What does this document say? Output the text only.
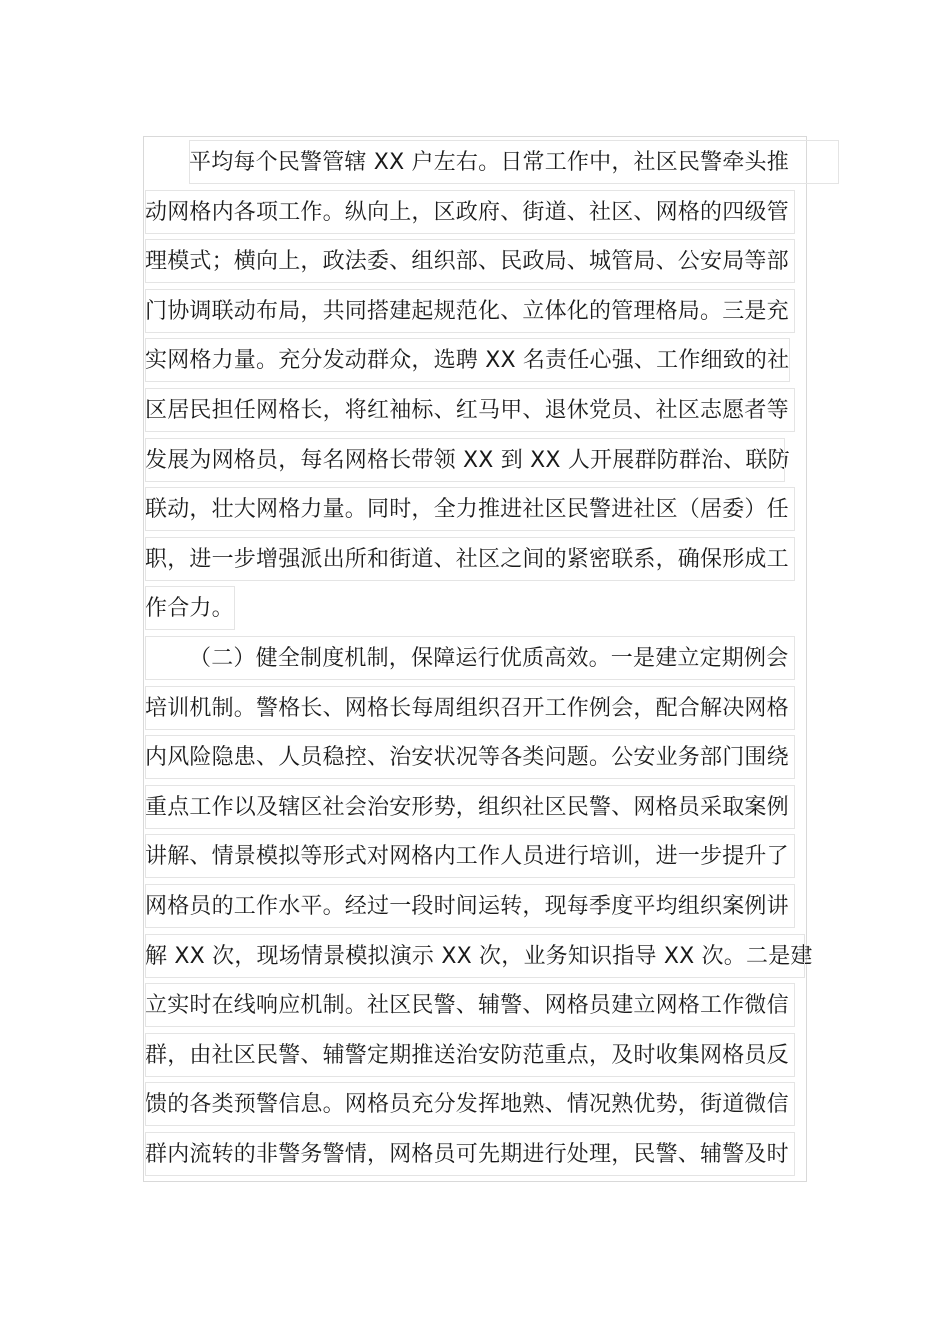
平均每个民警管辖 XX 户左右。日常工作中，社区民警牵头推
动网格内各项工作。纵向上，区政府、街道、社区、网格的四级管
理模式；横向上，政法委、组织部、民政局、城管局、公安局等部
门协调联动布局，共同搭建起规范化、立体化的管理格局。三是充
实网格力量。充分发动群众，选聘 XX 名责任心强、工作细致的社
区居民担任网格长，将红袖标、红马甲、退休党员、社区志愿者等
发展为网格员，每名网格长带领 XX 到 XX 人开展群防群治、联防
联动，壮大网格力量。同时，全力推进社区民警进社区（居委）任
职，进一步增强派出所和街道、社区之间的紧密联系，确保形成工
作合力。
（二）健全制度机制，保障运行优质高效。一是建立定期例会
培训机制。警格长、网格长每周组织召开工作例会，配合解决网格
内风险隐患、人员稳控、治安状况等各类问题。公安业务部门围绕
重点工作以及辖区社会治安形势，组织社区民警、网格员采取案例
讲解、情景模拟等形式对网格内工作人员进行培训，进一步提升了
网格员的工作水平。经过一段时间运转，现每季度平均组织案例讲
解 XX 次，现场情景模拟演示 XX 次，业务知识指导 XX 次。二是建
立实时在线响应机制。社区民警、辅警、网格员建立网格工作微信
群，由社区民警、辅警定期推送治安防范重点，及时收集网格员反
馈的各类预警信息。网格员充分发挥地熟、情况熟优势，街道微信
群内流转的非警务警情，网格员可先期进行处理，民警、辅警及时
